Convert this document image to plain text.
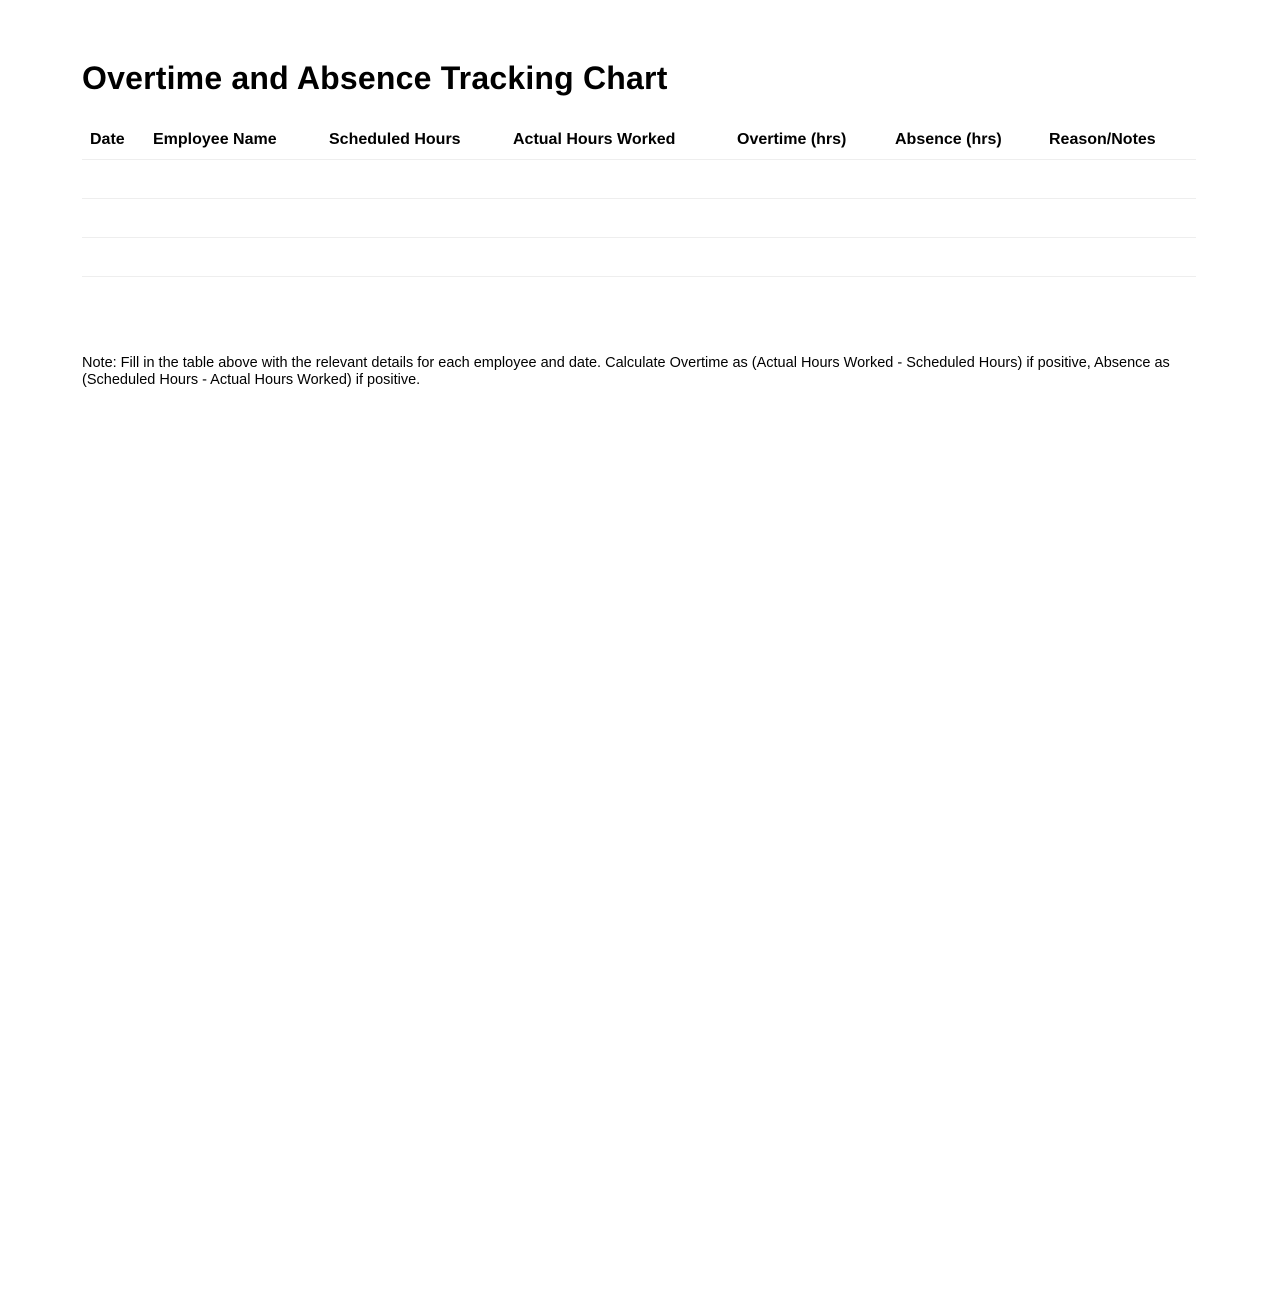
Overtime and Absence Tracking Chart
Date	Employee Name	Scheduled Hours	Actual Hours Worked	Overtime (hrs)	Absence (hrs)	Reason/Notes

Note: Fill in the table above with the relevant details for each employee and date. Calculate Overtime as (Actual Hours Worked - Scheduled Hours) if positive, Absence as (Scheduled Hours - Actual Hours Worked) if positive.
